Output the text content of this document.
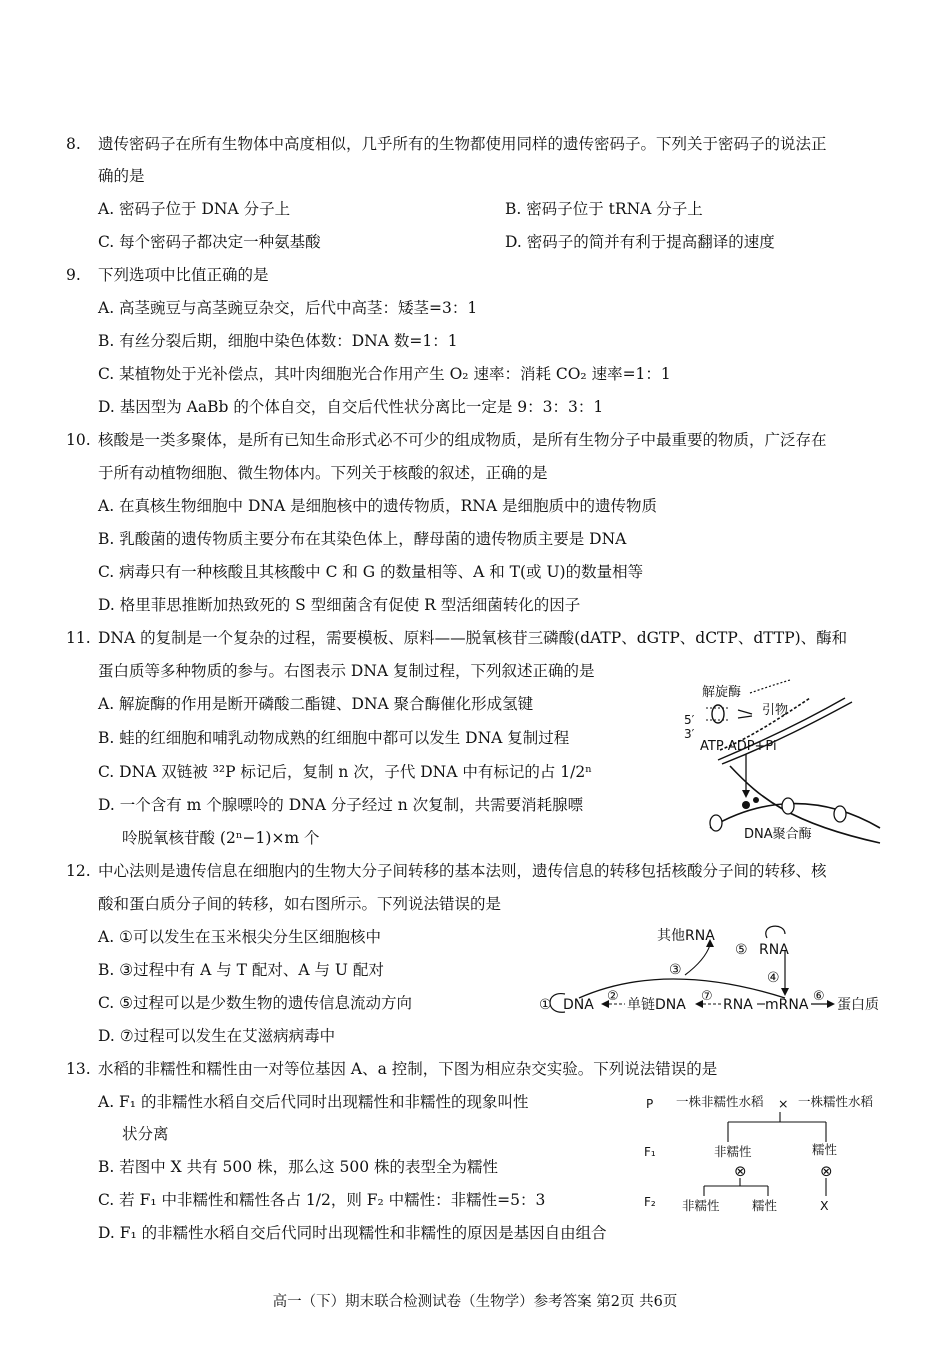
8. 遗传密码子在所有生物体中高度相似，几乎所有的生物都使用同样的遗传密码子。下列关于密码子的说法正
确的是
A. 密码子位于 DNA 分子上	B. 密码子位于 tRNA 分子上
C. 每个密码子都决定一种氨基酸	D. 密码子的简并有利于提高翻译的速度
9. 下列选项中比值正确的是
A. 高茎豌豆与高茎豌豆杂交，后代中高茎：矮茎=3：1
B. 有丝分裂后期，细胞中染色体数：DNA 数=1：1
C. 某植物处于光补偿点，其叶肉细胞光合作用产生 O₂ 速率：消耗 CO₂ 速率=1：1
D. 基因型为 AaBb 的个体自交，自交后代性状分离比一定是 9：3：3：1
10. 核酸是一类多聚体，是所有已知生命形式必不可少的组成物质，是所有生物分子中最重要的物质，广泛存在
于所有动植物细胞、微生物体内。下列关于核酸的叙述，正确的是
A. 在真核生物细胞中 DNA 是细胞核中的遗传物质，RNA 是细胞质中的遗传物质
B. 乳酸菌的遗传物质主要分布在其染色体上，酵母菌的遗传物质主要是 DNA
C. 病毒只有一种核酸且其核酸中 C 和 G 的数量相等、A 和 T(或 U)的数量相等
D. 格里菲思推断加热致死的 S 型细菌含有促使 R 型活细菌转化的因子
11. DNA 的复制是一个复杂的过程，需要模板、原料——脱氧核苷三磷酸(dATP、dGTP、dCTP、dTTP)、酶和
蛋白质等多种物质的参与。右图表示 DNA 复制过程，下列叙述正确的是
A. 解旋酶的作用是断开磷酸二酯键、DNA 聚合酶催化形成氢键
B. 蛙的红细胞和哺乳动物成熟的红细胞中都可以发生 DNA 复制过程
C. DNA 双链被 ³²P 标记后，复制 n 次，子代 DNA 中有标记的占 1/2ⁿ
D. 一个含有 m 个腺嘌呤的 DNA 分子经过 n 次复制，共需要消耗腺嘌
呤脱氧核苷酸 (2ⁿ−1)×m 个
解旋酶
引物
5′
3′
ATP ADP+Pi
DNA聚合酶
12. 中心法则是遗传信息在细胞内的生物大分子间转移的基本法则，遗传信息的转移包括核酸分子间的转移、核
酸和蛋白质分子间的转移，如右图所示。下列说法错误的是
A. ①可以发生在玉米根尖分生区细胞核中
B. ③过程中有 A 与 T 配对、A 与 U 配对
C. ⑤过程可以是少数生物的遗传信息流动方向
D. ⑦过程可以发生在艾滋病病毒中
其他RNA
⑤ RNA
③	④
① DNA
②
单链DNA
⑦
RNA mRNA
⑥
蛋白质
13. 水稻的非糯性和糯性由一对等位基因 A、a 控制，下图为相应杂交实验。下列说法错误的是
A. F₁ 的非糯性水稻自交后代同时出现糯性和非糯性的现象叫性
状分离
B. 若图中 X 共有 500 株，那么这 500 株的表型全为糯性
C. 若 F₁ 中非糯性和糯性各占 1/2，则 F₂ 中糯性：非糯性=5：3
D. F₁ 的非糯性水稻自交后代同时出现糯性和非糯性的原因是基因自由组合
P 一株非糯性水稻 × 一株糯性水稻
F₁	非糯性	糯性
⊗	⊗
F₂ 非糯性	糯性	X
高一（下）期末联合检测试卷（生物学）参考答案 第2页 共6页
